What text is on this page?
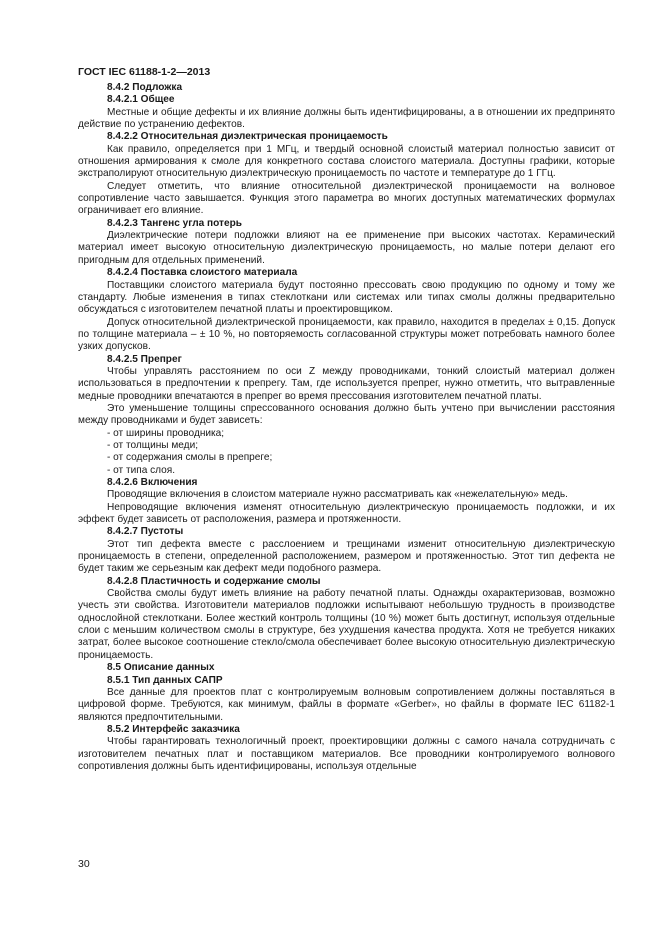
ГОСТ IEC 61188-1-2—2013

8.4.2 Подложка

8.4.2.1 Общее

Местные и общие дефекты и их влияние должны быть идентифицированы, а в отношении их предпринято действие по устранению дефектов.

8.4.2.2 Относительная диэлектрическая проницаемость

Как правило, определяется при 1 МГц, и твердый основной слоистый материал полностью зависит от отношения армирования к смоле для конкретного состава слоистого материала. Доступны графики, которые экстраполируют относительную диэлектрическую проницаемость по частоте и температуре до 1 ГГц.

Следует отметить, что влияние относительной диэлектрической проницаемости на волновое сопротивление часто завышается. Функция этого параметра во многих доступных математических формулах ограничивает его влияние.

8.4.2.3 Тангенс угла потерь

Диэлектрические потери подложки влияют на ее применение при высоких частотах. Керамический материал имеет высокую относительную диэлектрическую проницаемость, но малые потери делают его пригодным для отдельных применений.

8.4.2.4 Поставка слоистого материала

Поставщики слоистого материала будут постоянно прессовать свою продукцию по одному и тому же стандарту. Любые изменения в типах стеклоткани или системах или типах смолы должны предварительно обсуждаться с изготовителем печатной платы и проектировщиком.

Допуск относительной диэлектрической проницаемости, как правило, находится в пределах ± 0,15. Допуск по толщине материала – ± 10 %, но повторяемость согласованной структуры может потребовать намного более узких допусков.

8.4.2.5 Препрег

Чтобы управлять расстоянием по оси Z между проводниками, тонкий слоистый материал должен использоваться в предпочтении к препрегу. Там, где используется препрег, нужно отметить, что вытравленные медные проводники впечатаются в препрег во время прессования изготовителем печатной платы.

Это уменьшение толщины спрессованного основания должно быть учтено при вычислении расстояния между проводниками и будет зависеть:

- от ширины проводника;

- от толщины меди;

- от содержания смолы в препреге;

- от типа слоя.

8.4.2.6 Включения

Проводящие включения в слоистом материале нужно рассматривать как «нежелательную» медь.

Непроводящие включения изменят относительную диэлектрическую проницаемость подложки, и их эффект будет зависеть от расположения, размера и протяженности.

8.4.2.7 Пустоты

Этот тип дефекта вместе с расслоением и трещинами изменит относительную диэлектрическую проницаемость в степени, определенной расположением, размером и протяженностью. Этот тип дефекта не будет таким же серьезным как дефект меди подобного размера.

8.4.2.8 Пластичность и содержание смолы

Свойства смолы будут иметь влияние на работу печатной платы. Однажды охарактеризовав, возможно учесть эти свойства. Изготовители материалов подложки испытывают небольшую трудность в производстве однослойной стеклоткани. Более жесткий контроль толщины (10 %) может быть достигнут, используя отдельные слои с меньшим количеством смолы в структуре, без ухудшения качества продукта. Хотя не требуется никаких затрат, более высокое соотношение стекло/смола обеспечивает более высокую относительную диэлектрическую проницаемость.

8.5 Описание данных

8.5.1 Тип данных САПР

Все данные для проектов плат с контролируемым волновым сопротивлением должны поставляться в цифровой форме. Требуются, как минимум, файлы в формате «Gerber», но файлы в формате IEC 61182-1 являются предпочтительными.

8.5.2 Интерфейс заказчика

Чтобы гарантировать технологичный проект, проектировщики должны с самого начала сотрудничать с изготовителем печатных плат и поставщиком материалов. Все проводники контролируемого волнового сопротивления должны быть идентифицированы, используя отдельные

30
